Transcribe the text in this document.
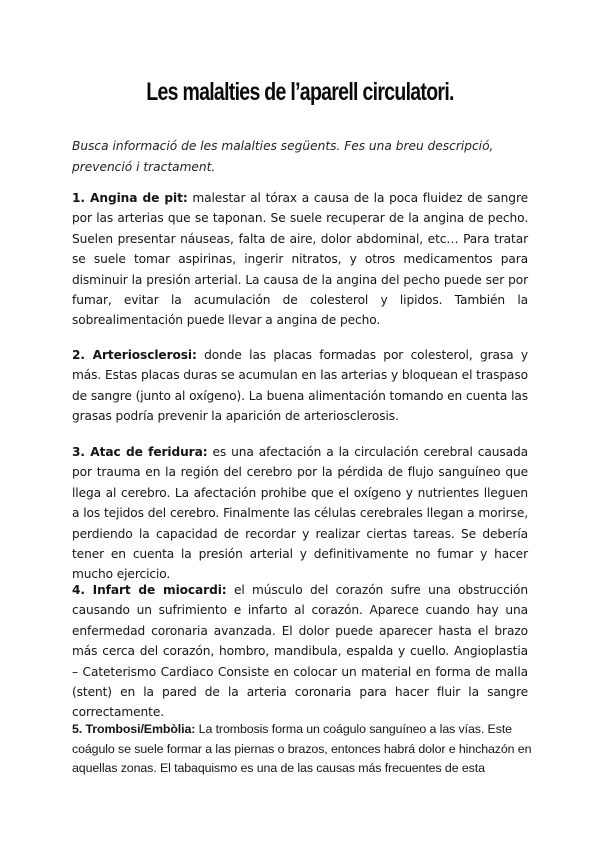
Les malalties de l’aparell circulatori.

Busca informació de les malalties següents. Fes una breu descripció, prevenció i tractament.

1. Angina de pit: malestar al tórax a causa de la poca fluidez de sangre por las arterias que se taponan. Se suele recuperar de la angina de pecho. Suelen presentar náuseas, falta de aire, dolor abdominal, etc… Para tratar se suele tomar aspirinas, ingerir nitratos, y otros medicamentos para disminuir la presión arterial. La causa de la angina del pecho puede ser por fumar, evitar la acumulación de colesterol y lipidos. También la sobrealimentación puede llevar a angina de pecho.

2. Arteriosclerosi: donde las placas formadas por colesterol, grasa y más. Estas placas duras se acumulan en las arterias y bloquean el traspaso de sangre (junto al oxígeno). La buena alimentación tomando en cuenta las grasas podría prevenir la aparición de arteriosclerosis.

3. Atac de feridura: es una afectación a la circulación cerebral causada por trauma en la región del cerebro por la pérdida de flujo sanguíneo que llega al cerebro. La afectación prohibe que el oxígeno y nutrientes lleguen a los tejidos del cerebro. Finalmente las células cerebrales llegan a morirse, perdiendo la capacidad de recordar y realizar ciertas tareas. Se debería tener en cuenta la presión arterial y definitivamente no fumar y hacer mucho ejercicio.

4. Infart de miocardi: el músculo del corazón sufre una obstrucción causando un sufrimiento e infarto al corazón. Aparece cuando hay una enfermedad coronaria avanzada. El dolor puede aparecer hasta el brazo más cerca del corazón, hombro, mandibula, espalda y cuello. Angioplastia – Cateterismo Cardiaco Consiste en colocar un material en forma de malla (stent) en la pared de la arteria coronaria para hacer fluir la sangre correctamente.

5. Trombosi/Embòlia: La trombosis forma un coágulo sanguíneo a las vías. Este coágulo se suele formar a las piernas o brazos, entonces habrá dolor e hinchazón en aquellas zonas. El tabaquismo es una de las causas más frecuentes de esta
